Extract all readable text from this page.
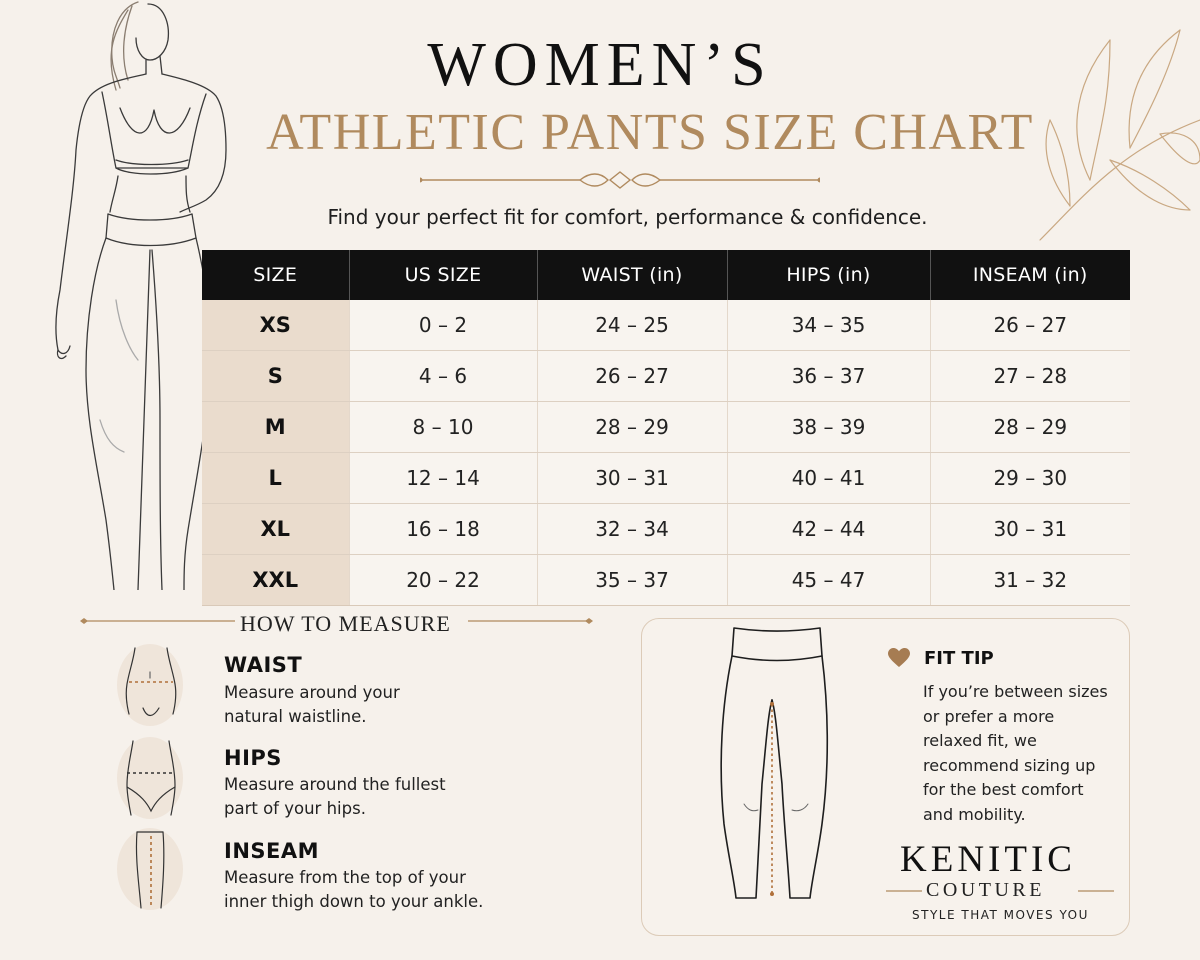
WOMEN’S
ATHLETIC PANTS SIZE CHART
Find your perfect fit for comfort, performance & confidence.
SIZE	US SIZE	WAIST (in)	HIPS (in)	INSEAM (in)
XS	0 – 2	24 – 25	34 – 35	26 – 27
S	4 – 6	26 – 27	36 – 37	27 – 28
M	8 – 10	28 – 29	38 – 39	28 – 29
L	12 – 14	30 – 31	40 – 41	29 – 30
XL	16 – 18	32 – 34	42 – 44	30 – 31
XXL	20 – 22	35 – 37	45 – 47	31 – 32
HOW TO MEASURE
WAIST
Measure around your
natural waistline.
HIPS
Measure around the fullest
part of your hips.
INSEAM
Measure from the top of your
inner thigh down to your ankle.
FIT TIP
If you’re between sizes or prefer a more relaxed fit, we recommend sizing up for the best comfort and mobility.
KENITIC
COUTURE
STYLE THAT MOVES YOU
